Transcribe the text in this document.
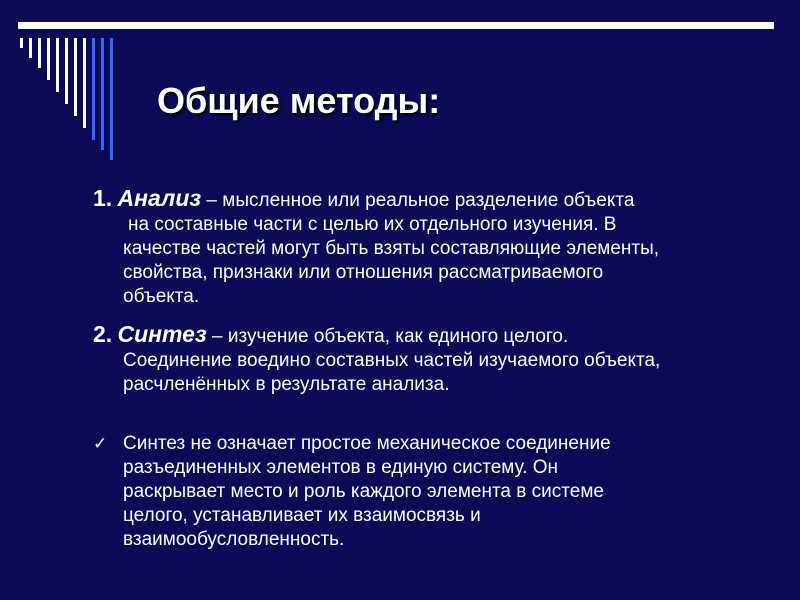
Общие методы:
1. Анализ – мысленное или реальное разделение объекта
на составные части с целью их отдельного изучения. В
качестве частей могут быть взяты составляющие элементы,
свойства, признаки или отношения рассматриваемого
объекта.
2. Синтез – изучение объекта, как единого целого.
Соединение воедино составных частей изучаемого объекта,
расчленённых в результате анализа.
✓ Синтез не означает простое механическое соединение
разъединенных элементов в единую систему. Он
раскрывает место и роль каждого элемента в системе
целого, устанавливает их взаимосвязь и
взаимообусловленность.
